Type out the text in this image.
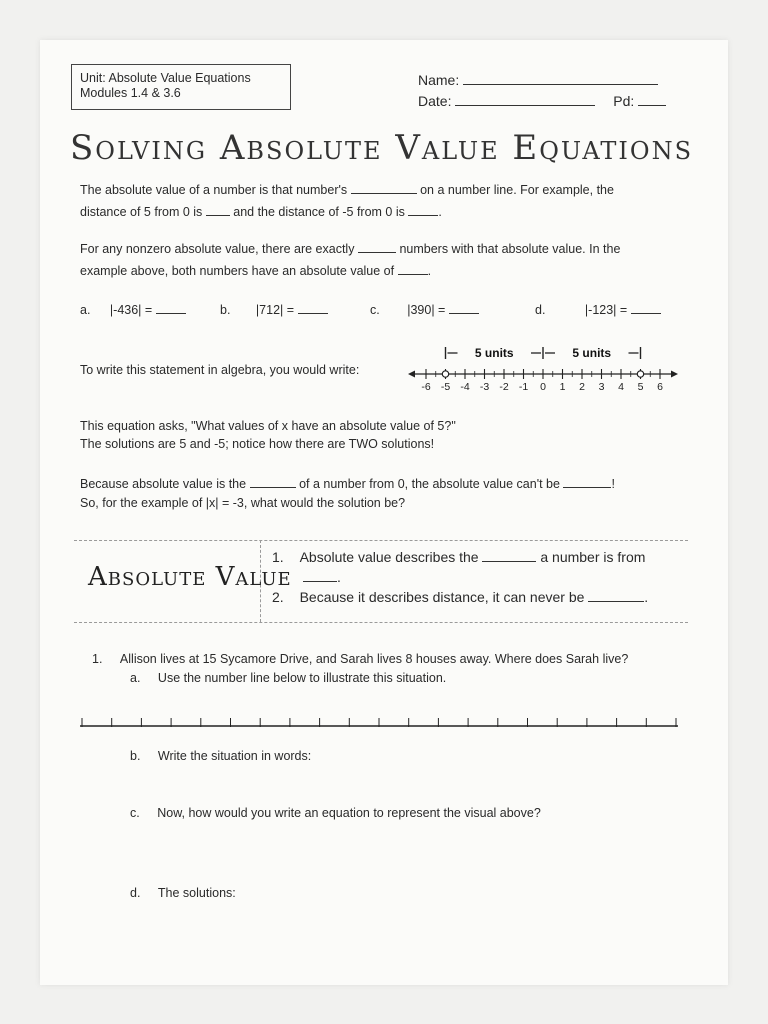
Unit: Absolute Value Equations
Modules 1.4 & 3.6
Name:
Date:	Pd:
Solving Absolute Value Equations
The absolute value of a number is that number's	on a number line. For example, the
distance of 5 from 0 is and the distance of -5 from 0 is	.
For any nonzero absolute value, there are exactly	numbers with that absolute value. In the
example above, both numbers have an absolute value of	.
a. |-436| =	b. |712| =	c. |390| =	d.	|-123| =
To write this statement in algebra, you would write:
-6 -5 -4 -3 -2 -1 0 1 2 3 4 5 6
5 units	5 units
This equation asks, "What values of x have an absolute value of 5?"
The solutions are 5 and -5; notice how there are TWO solutions!
Because absolute value is the	of a number from 0, the absolute value can't be	!
So, for the example of |x| = -3, what would the solution be?
Absolute Value
1. Absolute value describes the	a number is from
.
2. Because it describes distance, it can never be	.
1. Allison lives at 15 Sycamore Drive, and Sarah lives 8 houses away. Where does Sarah live?
a. Use the number line below to illustrate this situation.
b. Write the situation in words:
c. Now, how would you write an equation to represent the visual above?
d. The solutions:
